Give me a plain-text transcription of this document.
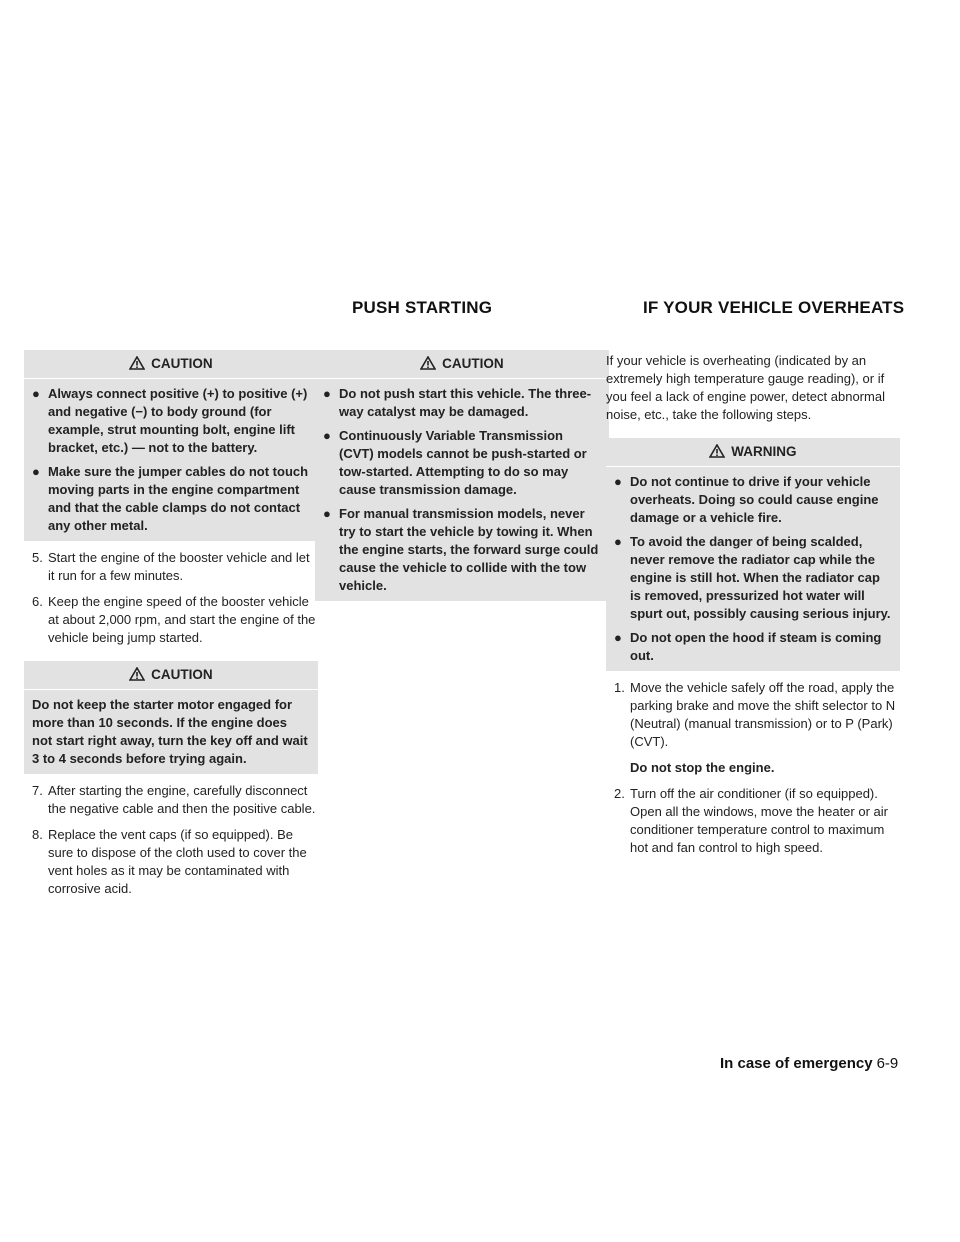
PUSH STARTING	IF YOUR VEHICLE OVERHEATS
CAUTION
● Always connect positive (+) to positive (+) and negative (−) to body ground (for example, strut mounting bolt, engine lift bracket, etc.) — not to the battery.
● Make sure the jumper cables do not touch moving parts in the engine compartment and that the cable clamps do not contact any other metal.
5. Start the engine of the booster vehicle and let it run for a few minutes.
6. Keep the engine speed of the booster vehicle at about 2,000 rpm, and start the engine of the vehicle being jump started.
CAUTION

Do not keep the starter motor engaged for more than 10 seconds. If the engine does not start right away, turn the key off and wait 3 to 4 seconds before trying again.

7. After starting the engine, carefully disconnect the negative cable and then the positive cable.
8. Replace the vent caps (if so equipped). Be sure to dispose of the cloth used to cover the vent holes as it may be contaminated with corrosive acid.
CAUTION
● Do not push start this vehicle. The three-way catalyst may be damaged.
● Continuously Variable Transmission (CVT) models cannot be push-started or tow-started. Attempting to do so may cause transmission damage.
● For manual transmission models, never try to start the vehicle by towing it. When the engine starts, the forward surge could cause the vehicle to collide with the tow vehicle.

If your vehicle is overheating (indicated by an extremely high temperature gauge reading), or if you feel a lack of engine power, detect abnormal noise, etc., take the following steps.

WARNING
● Do not continue to drive if your vehicle overheats. Doing so could cause engine damage or a vehicle fire.
● To avoid the danger of being scalded, never remove the radiator cap while the engine is still hot. When the radiator cap is removed, pressurized hot water will spurt out, possibly causing serious injury.
● Do not open the hood if steam is coming out.
1. Move the vehicle safely off the road, apply the parking brake and move the shift selector to N (Neutral) (manual transmission) or to P (Park) (CVT).
Do not stop the engine.
2. Turn off the air conditioner (if so equipped). Open all the windows, move the heater or air conditioner temperature control to maximum hot and fan control to high speed.
In case of emergency 6-9
